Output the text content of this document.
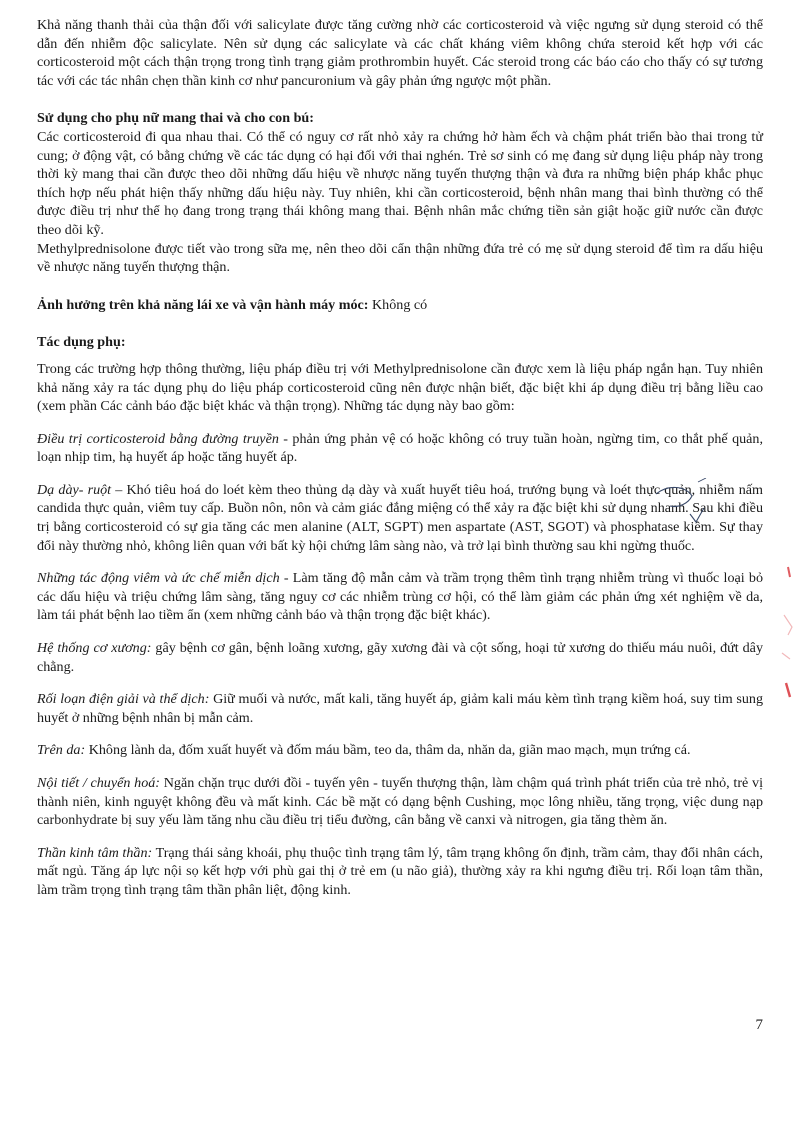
Khả năng thanh thải của thận đối với salicylate được tăng cường nhờ các corticosteroid và việc ngưng sử dụng steroid có thể dẫn đến nhiễm độc salicylate. Nên sử dụng các salicylate và các chất kháng viêm không chứa steroid kết hợp với các corticosteroid một cách thận trọng trong tình trạng giảm prothrombin huyết. Các steroid trong các báo cáo cho thấy có sự tương tác với các tác nhân chẹn thần kinh cơ như pancuronium và gây phản ứng ngược một phần.

Sử dụng cho phụ nữ mang thai và cho con bú:

Các corticosteroid đi qua nhau thai. Có thể có nguy cơ rất nhỏ xảy ra chứng hở hàm ếch và chậm phát triển bào thai trong tử cung; ở động vật, có bằng chứng về các tác dụng có hại đối với thai nghén. Trẻ sơ sinh có mẹ đang sử dụng liệu pháp này trong thời kỳ mang thai cần được theo dõi những dấu hiệu về nhược năng tuyến thượng thận và đưa ra những biện pháp khắc phục thích hợp nếu phát hiện thấy những dấu hiệu này. Tuy nhiên, khi cần corticosteroid, bệnh nhân mang thai bình thường có thể được điều trị như thể họ đang trong trạng thái không mang thai. Bệnh nhân mắc chứng tiền sản giật hoặc giữ nước cần được theo dõi kỹ.

Methylprednisolone được tiết vào trong sữa mẹ, nên theo dõi cẩn thận những đứa trẻ có mẹ sử dụng steroid để tìm ra dấu hiệu về nhược năng tuyến thượng thận.

Ảnh hưởng trên khả năng lái xe và vận hành máy móc: Không có

Tác dụng phụ:

Trong các trường hợp thông thường, liệu pháp điều trị với Methylprednisolone cần được xem là liệu pháp ngắn hạn. Tuy nhiên khả năng xảy ra tác dụng phụ do liệu pháp corticosteroid cũng nên được nhận biết, đặc biệt khi áp dụng điều trị bằng liều cao (xem phần Các cảnh báo đặc biệt khác và thận trọng). Những tác dụng này bao gồm:

Điều trị corticosteroid bằng đường truyền - phản ứng phản vệ có hoặc không có truy tuần hoàn, ngừng tim, co thắt phế quản, loạn nhịp tim, hạ huyết áp hoặc tăng huyết áp.

Dạ dày- ruột – Khó tiêu hoá do loét kèm theo thủng dạ dày và xuất huyết tiêu hoá, trướng bụng và loét thực quản, nhiễm nấm candida thực quản, viêm tuy cấp. Buồn nôn, nôn và cảm giác đắng miệng có thể xảy ra đặc biệt khi sử dụng nhanh. Sau khi điều trị bằng corticosteroid có sự gia tăng các men alanine (ALT, SGPT) men aspartate (AST, SGOT) và phosphatase kiềm. Sự thay đổi này thường nhỏ, không liên quan với bất kỳ hội chứng lâm sàng nào, và trở lại bình thường sau khi ngừng thuốc.

Những tác động viêm và ức chế miễn dịch - Làm tăng độ mẫn cảm và trầm trọng thêm tình trạng nhiễm trùng vì thuốc loại bỏ các dấu hiệu và triệu chứng lâm sàng, tăng nguy cơ các nhiễm trùng cơ hội, có thể làm giảm các phản ứng xét nghiệm về da, làm tái phát bệnh lao tiềm ẩn (xem những cảnh báo và thận trọng đặc biệt khác).

Hệ thống cơ xương: gây bệnh cơ gân, bệnh loãng xương, gãy xương đài và cột sống, hoại tử xương do thiếu máu nuôi, đứt dây chằng.

Rối loạn điện giải và thể dịch: Giữ muối và nước, mất kali, tăng huyết áp, giảm kali máu kèm tình trạng kiềm hoá, suy tim sung huyết ở những bệnh nhân bị mẫn cảm.

Trên da: Không lành da, đốm xuất huyết và đốm máu bầm, teo da, thâm da, nhăn da, giãn mao mạch, mụn trứng cá.

Nội tiết / chuyển hoá: Ngăn chặn trục dưới đồi - tuyến yên - tuyến thượng thận, làm chậm quá trình phát triển của trẻ nhỏ, trẻ vị thành niên, kinh nguyệt không đều và mất kinh. Các bề mặt có dạng bệnh Cushing, mọc lông nhiều, tăng trọng, việc dung nạp carbonhydrate bị suy yếu làm tăng nhu cầu điều trị tiểu đường, cân bằng về canxi và nitrogen, gia tăng thèm ăn.

Thần kinh tâm thần: Trạng thái sảng khoái, phụ thuộc tình trạng tâm lý, tâm trạng không ổn định, trầm cảm, thay đổi nhân cách, mất ngủ. Tăng áp lực nội sọ kết hợp với phù gai thị ở trẻ em (u não giả), thường xảy ra khi ngưng điều trị. Rối loạn tâm thần, làm trầm trọng tình trạng tâm thần phân liệt, động kinh.

7
